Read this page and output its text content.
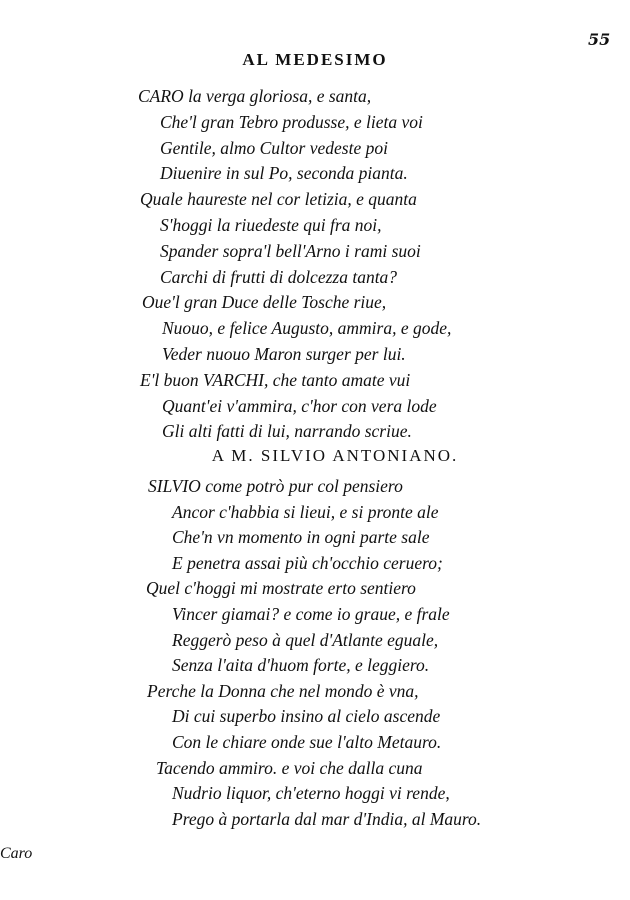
55
AL MEDESIMO
CARO la verga gloriosa, e santa,
Che'l gran Tebro produsse, e lieta voi
Gentile, almo Cultor vedeste poi
Diuenire in sul Po, seconda pianta.
Quale haureste nel cor letizia, e quanta
S'hoggi la riuedeste qui fra noi,
Spander sopra'l bell'Arno i rami suoi
Carchi di frutti di dolcezza tanta?
Oue'l gran Duce delle Tosche riue,
Nuouo, e felice Augusto, ammira, e gode,
Veder nuouo Maron surger per lui.
E'l buon VARCHI, che tanto amate vui
Quant'ei v'ammira, c'hor con vera lode
Gli alti fatti di lui, narrando scriue.
A M. SILVIO ANTONIANO.
SILVIO come potrò pur col pensiero
Ancor c'habbia si lieui, e si pronte ale
Che'n vn momento in ogni parte sale
E penetra assai più ch'occhio ceruero;
Quel c'hoggi mi mostrate erto sentiero
Vincer giamai? e come io graue, e frale
Reggerò peso à quel d'Atlante eguale,
Senza l'aita d'huom forte, e leggiero.
Perche la Donna che nel mondo è vna,
Di cui superbo insino al cielo ascende
Con le chiare onde sue l'alto Metauro.
Tacendo ammiro. e voi che dalla cuna
Nudrio liquor, ch'eterno hoggi vi rende,
Prego à portarla dal mar d'India, al Mauro.
Caro
